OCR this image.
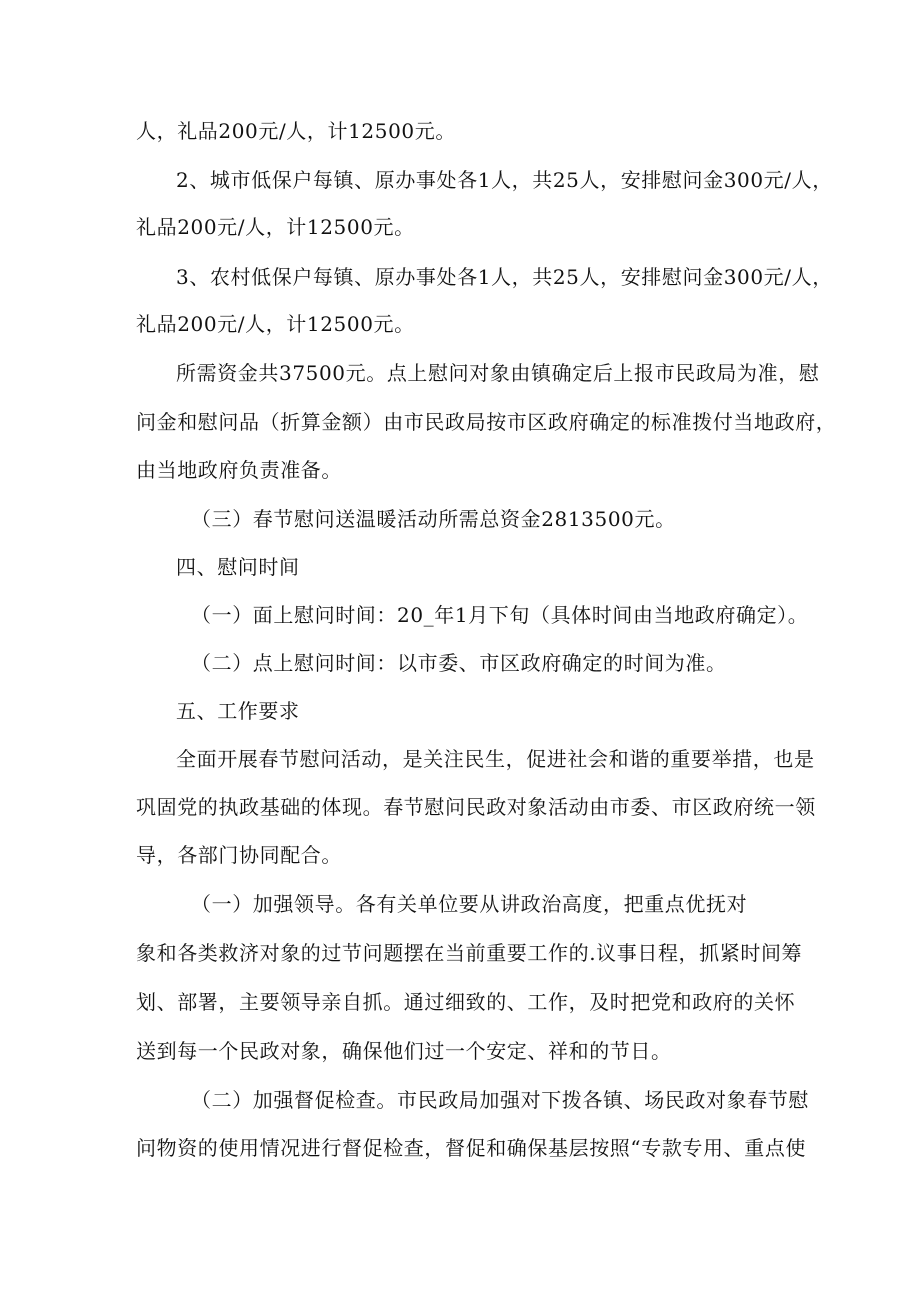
人，礼品200元/人，计12500元。
2、城市低保户每镇、原办事处各1人，共25人，安排慰问金300元/人，
礼品200元/人，计12500元。
3、农村低保户每镇、原办事处各1人，共25人，安排慰问金300元/人，
礼品200元/人，计12500元。
所需资金共37500元。点上慰问对象由镇确定后上报市民政局为准，慰
问金和慰问品（折算金额）由市民政局按市区政府确定的标准拨付当地政府，
由当地政府负责准备。
（三）春节慰问送温暖活动所需总资金2813500元。
四、慰问时间
（一）面上慰问时间：20_年1月下旬（具体时间由当地政府确定）。
（二）点上慰问时间：以市委、市区政府确定的时间为准。
五、工作要求
全面开展春节慰问活动，是关注民生，促进社会和谐的重要举措，也是
巩固党的执政基础的体现。春节慰问民政对象活动由市委、市区政府统一领
导，各部门协同配合。
（一）加强领导。各有关单位要从讲政治高度，把重点优抚对
象和各类救济对象的过节问题摆在当前重要工作的.议事日程，抓紧时间筹
划、部署，主要领导亲自抓。通过细致的、工作，及时把党和政府的关怀
送到每一个民政对象，确保他们过一个安定、祥和的节日。
（二）加强督促检查。市民政局加强对下拨各镇、场民政对象春节慰
问物资的使用情况进行督促检查，督促和确保基层按照“专款专用、重点使
